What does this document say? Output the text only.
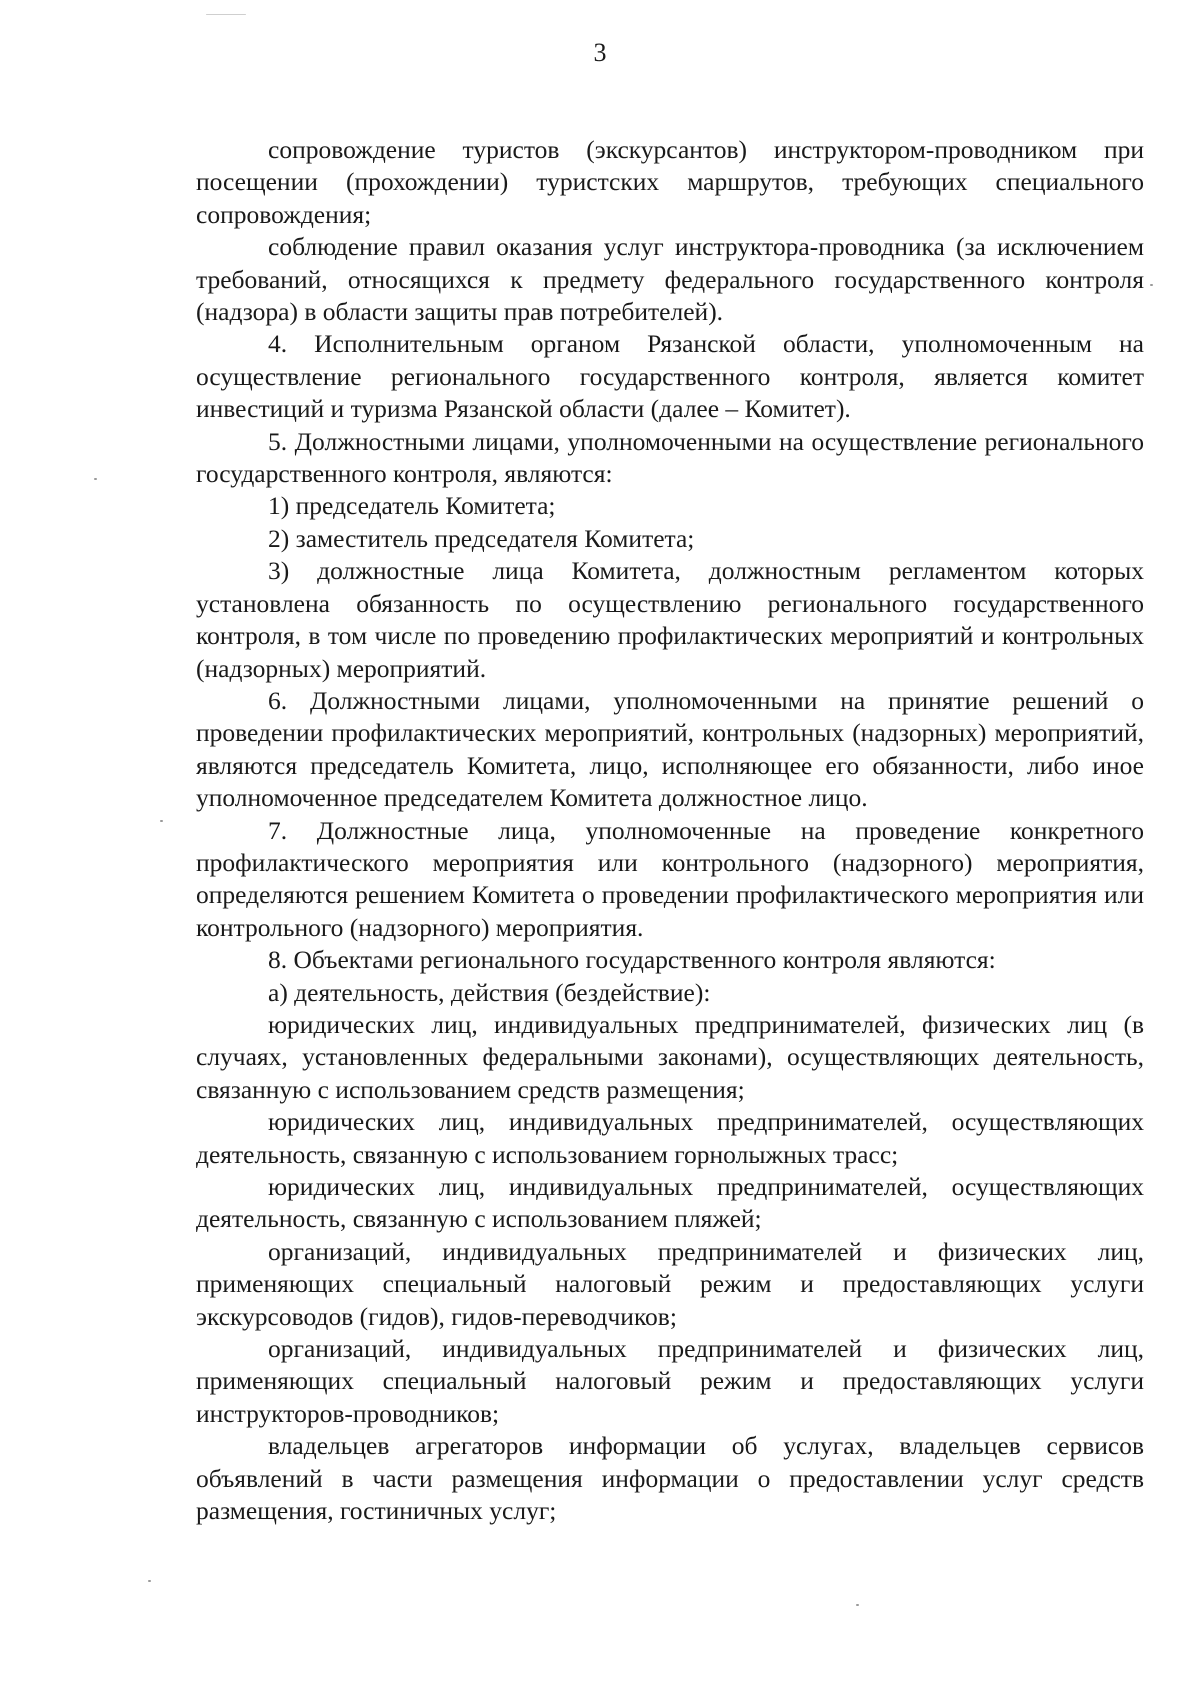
3

сопровождение туристов (экскурсантов) инструктором-проводником при посещении (прохождении) туристских маршрутов, требующих специального сопровождения;

соблюдение правил оказания услуг инструктора-проводника (за исключением требований, относящихся к предмету федерального государственного контроля (надзора) в области защиты прав потребителей).

4. Исполнительным органом Рязанской области, уполномоченным на осуществление регионального государственного контроля, является комитет инвестиций и туризма Рязанской области (далее – Комитет).

5. Должностными лицами, уполномоченными на осуществление регионального государственного контроля, являются:

1) председатель Комитета;

2) заместитель председателя Комитета;

3) должностные лица Комитета, должностным регламентом которых установлена обязанность по осуществлению регионального государственного контроля, в том числе по проведению профилактических мероприятий и контрольных (надзорных) мероприятий.

6. Должностными лицами, уполномоченными на принятие решений о проведении профилактических мероприятий, контрольных (надзорных) мероприятий, являются председатель Комитета, лицо, исполняющее его обязанности, либо иное уполномоченное председателем Комитета должностное лицо.

7. Должностные лица, уполномоченные на проведение конкретного профилактического мероприятия или контрольного (надзорного) мероприятия, определяются решением Комитета о проведении профилактического мероприятия или контрольного (надзорного) мероприятия.

8. Объектами регионального государственного контроля являются:

а) деятельность, действия (бездействие):

юридических лиц, индивидуальных предпринимателей, физических лиц (в случаях, установленных федеральными законами), осуществляющих деятельность, связанную с использованием средств размещения;

юридических лиц, индивидуальных предпринимателей, осуществляющих деятельность, связанную с использованием горнолыжных трасс;

юридических лиц, индивидуальных предпринимателей, осуществляющих деятельность, связанную с использованием пляжей;

организаций, индивидуальных предпринимателей и физических лиц, применяющих специальный налоговый режим и предоставляющих услуги экскурсоводов (гидов), гидов-переводчиков;

организаций, индивидуальных предпринимателей и физических лиц, применяющих специальный налоговый режим и предоставляющих услуги инструкторов-проводников;

владельцев агрегаторов информации об услугах, владельцев сервисов объявлений в части размещения информации о предоставлении услуг средств размещения, гостиничных услуг;
